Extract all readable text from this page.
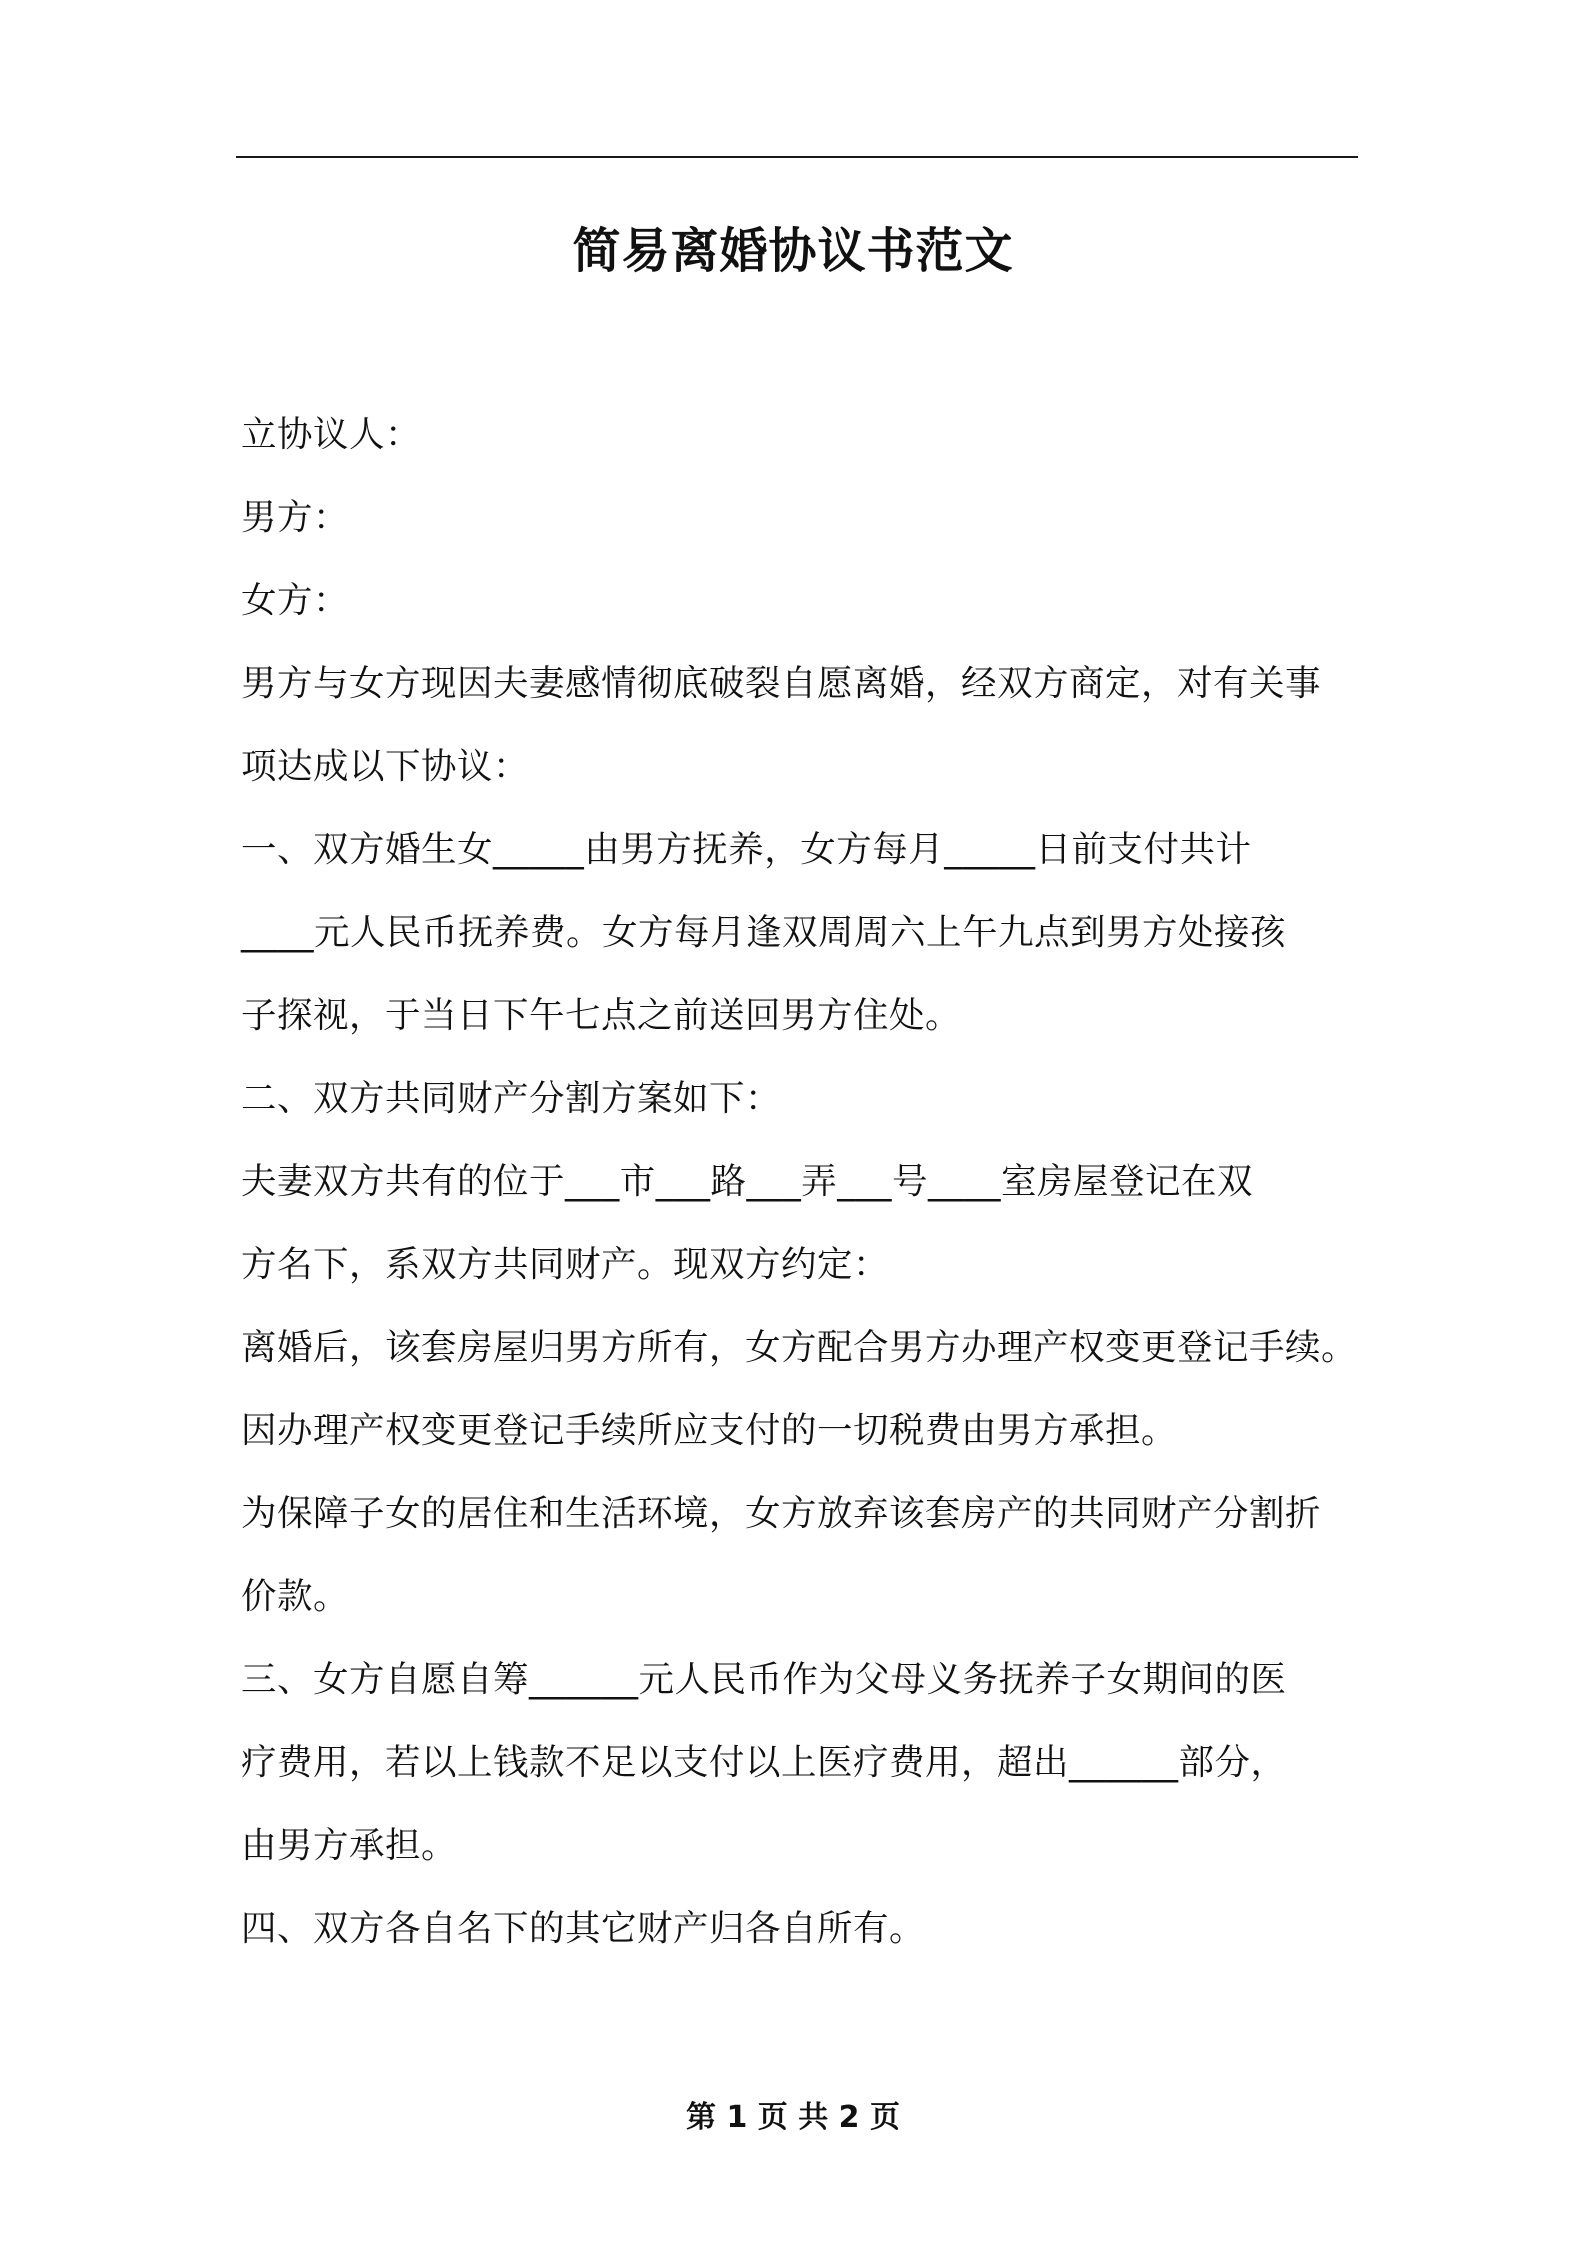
简易离婚协议书范文
立协议人：
男方：
女方：
男方与女方现因夫妻感情彻底破裂自愿离婚，经双方商定，对有关事
项达成以下协议：
一、双方婚生女_____由男方抚养，女方每月_____日前支付共计
____元人民币抚养费。女方每月逢双周周六上午九点到男方处接孩
子探视，于当日下午七点之前送回男方住处。
二、双方共同财产分割方案如下：
夫妻双方共有的位于___市___路___弄___号____室房屋登记在双
方名下，系双方共同财产。现双方约定：
离婚后，该套房屋归男方所有，女方配合男方办理产权变更登记手续。
因办理产权变更登记手续所应支付的一切税费由男方承担。
为保障子女的居住和生活环境，女方放弃该套房产的共同财产分割折
价款。
三、女方自愿自筹______元人民币作为父母义务抚养子女期间的医
疗费用，若以上钱款不足以支付以上医疗费用，超出______部分，
由男方承担。
四、双方各自名下的其它财产归各自所有。
第 1 页 共 2 页
